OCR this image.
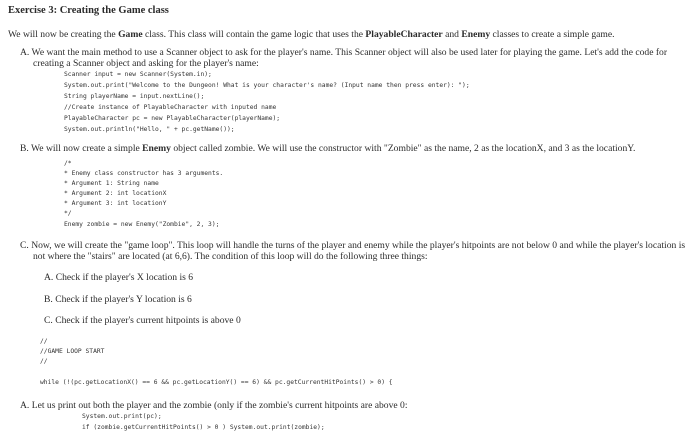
Exercise 3: Creating the Game class
We will now be creating the Game class. This class will contain the game logic that uses the PlayableCharacter and Enemy classes to create a simple game.
A. We want the main method to use a Scanner object to ask for the player's name. This Scanner object will also be used later for playing the game. Let's add the code for
creating a Scanner object and asking for the player's name:
Scanner input = new Scanner(System.in);
System.out.print("Welcome to the Dungeon! What is your character's name? (Input name then press enter): ");
String playerName = input.nextLine();
//Create instance of PlayableCharacter with inputed name
PlayableCharacter pc = new PlayableCharacter(playerName);
System.out.println("Hello, " + pc.getName());
B. We will now create a simple Enemy object called zombie. We will use the constructor with "Zombie" as the name, 2 as the locationX, and 3 as the locationY.
/*
* Enemy class constructor has 3 arguments.
* Argument 1: String name
* Argument 2: int locationX
* Argument 3: int locationY
*/
Enemy zombie = new Enemy("Zombie", 2, 3);
C. Now, we will create the "game loop". This loop will handle the turns of the player and enemy while the player's hitpoints are not below 0 and while the player's location is
not where the "stairs" are located (at 6,6). The condition of this loop will do the following three things:
A. Check if the player's X location is 6
B. Check if the player's Y location is 6
C. Check if the player's current hitpoints is above 0
//
//GAME LOOP START
//
while (!(pc.getLocationX() == 6 && pc.getLocationY() == 6) && pc.getCurrentHitPoints() > 0) {
A. Let us print out both the player and the zombie (only if the zombie's current hitpoints are above 0:
System.out.print(pc);
if (zombie.getCurrentHitPoints() > 0 ) System.out.print(zombie);
